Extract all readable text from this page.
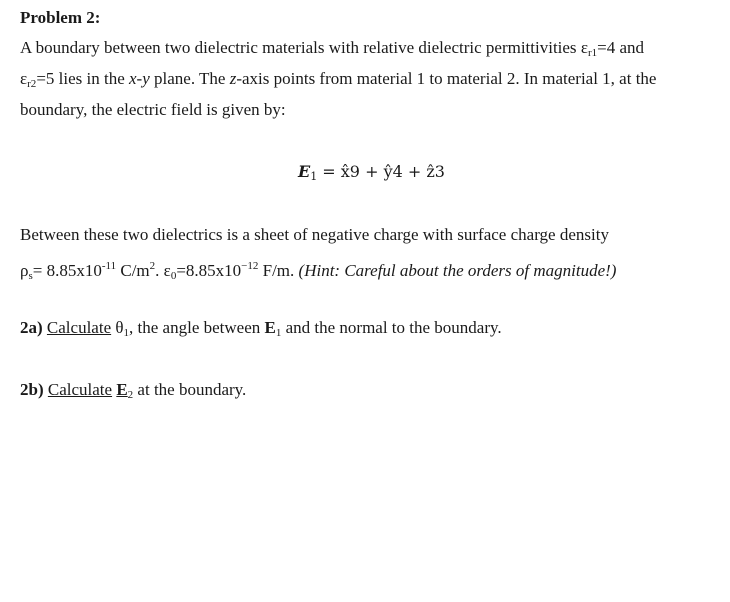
Problem 2:
A boundary between two dielectric materials with relative dielectric permittivities $\varepsilon_{r1}=4$ and
$\varepsilon_{r2}=5$ lies in the x-y plane. The z-axis points from material 1 to material 2. In material 1, at the
boundary, the electric field is given by:
$E_1$ = x̂9 + ŷ4 + ẑ3
Between these two dielectrics is a sheet of negative charge with surface charge density
$\rho_s= 8.85x10^{-11}$ $C/m^2$. $\varepsilon_0=8.85x10^{-12}$ F/m. (Hint: Careful about the orders of magnitude!)
2a) Calculate $\theta_1$, the angle between $E_1$ and the normal to the boundary.
2b) Calculate $E_2$ at the boundary.
